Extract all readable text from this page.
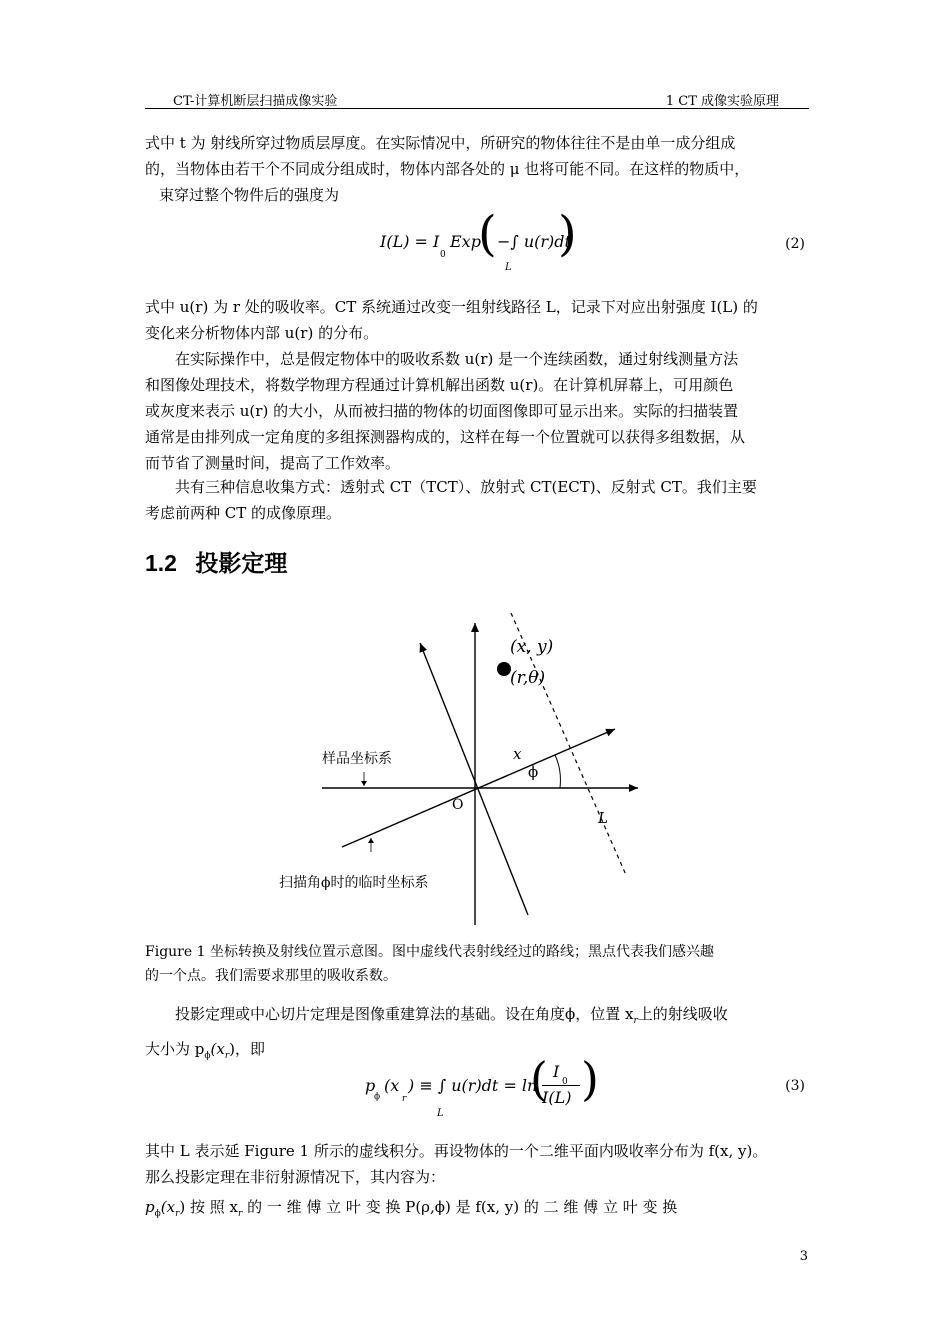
CT-计算机断层扫描成像实验	1 CT 成像实验原理
式中 t 为 射线所穿过物质层厚度。在实际情况中，所研究的物体往往不是由单一成分组成
的，当物体由若干个不同成分组成时，物体内部各处的 μ 也将可能不同。在这样的物质中，
束穿过整个物件后的强度为
I(L) = I
0
Exp
( −∫ u(r)dt
)
L
(2)
式中 u(r) 为 r 处的吸收率。CT 系统通过改变一组射线路径 L，记录下对应出射强度 I(L) 的
变化来分析物体内部 u(r) 的分布。
在实际操作中，总是假定物体中的吸收系数 u(r) 是一个连续函数，通过射线测量方法
和图像处理技术，将数学物理方程通过计算机解出函数 u(r)。在计算机屏幕上，可用颜色
或灰度来表示 u(r) 的大小，从而被扫描的物体的切面图像即可显示出来。实际的扫描装置
通常是由排列成一定角度的多组探测器构成的，这样在每一个位置就可以获得多组数据，从
而节省了测量时间，提高了工作效率。
共有三种信息收集方式：透射式 CT（TCT）、放射式 CT(ECT)、反射式 CT。我们主要
考虑前两种 CT 的成像原理。
1.2 投影定理
(x, y)
(r,θ)
样品坐标系	x
ϕ
O
L
扫描角ϕ时的临时坐标系
Figure 1 坐标转换及射线位置示意图。图中虚线代表射线经过的路线；黑点代表我们感兴趣
的一个点。我们需要求那里的吸收系数。
投影定理或中心切片定理是图像重建算法的基础。设在角度ϕ，位置 $x_r$上的射线吸收
大小为 $p_\phi(x_r)$，即
p
ϕ
(x
r
) ≡ ∫ u(r)dt = ln
( I
0
I(L) )
L
(3)
其中 L 表示延 Figure 1 所示的虚线积分。再设物体的一个二维平面内吸收率分布为 f(x, y)。
那么投影定理在非衍射源情况下，其内容为：
$p_\phi(x_r)$ 按 照 $x_r$ 的 一 维 傅 立 叶 变 换 P(ρ,ϕ) 是 f(x, y) 的 二 维 傅 立 叶 变 换
3
